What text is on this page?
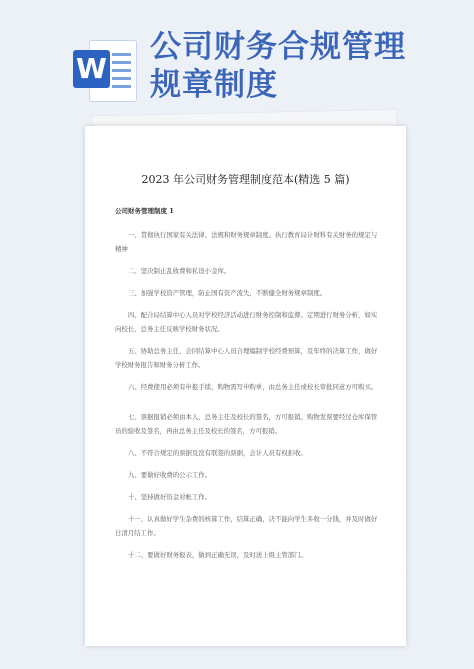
W
公司财务合规管理
规章制度
2023 年公司财务管理制度范本(精选 5 篇)
公司财务管理制度 1
一、贯彻执行国家有关法律、法规和财务规章制度。执行教育局计财科有关财务的规定与精神
二、坚决制止乱收费和私设小金库。
三、加强学校资产管理，防止国有资产流失，不断健全财务规章制度。
四、配合局结算中心人员对学校经济活动进行财务控制和监督。定期进行财务分析，如实向校长、总务主任反映学校财务状况。
五、协助总务主任，会同结算中心人员合理编制学校经费预算，及年终的决算工作，做好学校财务报告和财务分析工作。
六、经费使用必须有申报手续，购物需写申购单，由总务主任或校长审批同意方可购买。
七、票据报销必须由本人、总务主任及校长的签名，方可报销。购物发票要经过仓库保管员的验收及签名，再由总务主任及校长的签名，方可报销。
八、不符合规定的票据及没有联签的票据，会计人员有权拒收。
九、要做好收费的公示工作。
十、坚持做好资金对帐工作。
十一、认真做好学生杂费的核算工作，结算正确，决不能向学生多收一分钱，并及时做好日清月结工作。
十二、要做好财务报表，做到正确无误，及时送上级主管部门。
